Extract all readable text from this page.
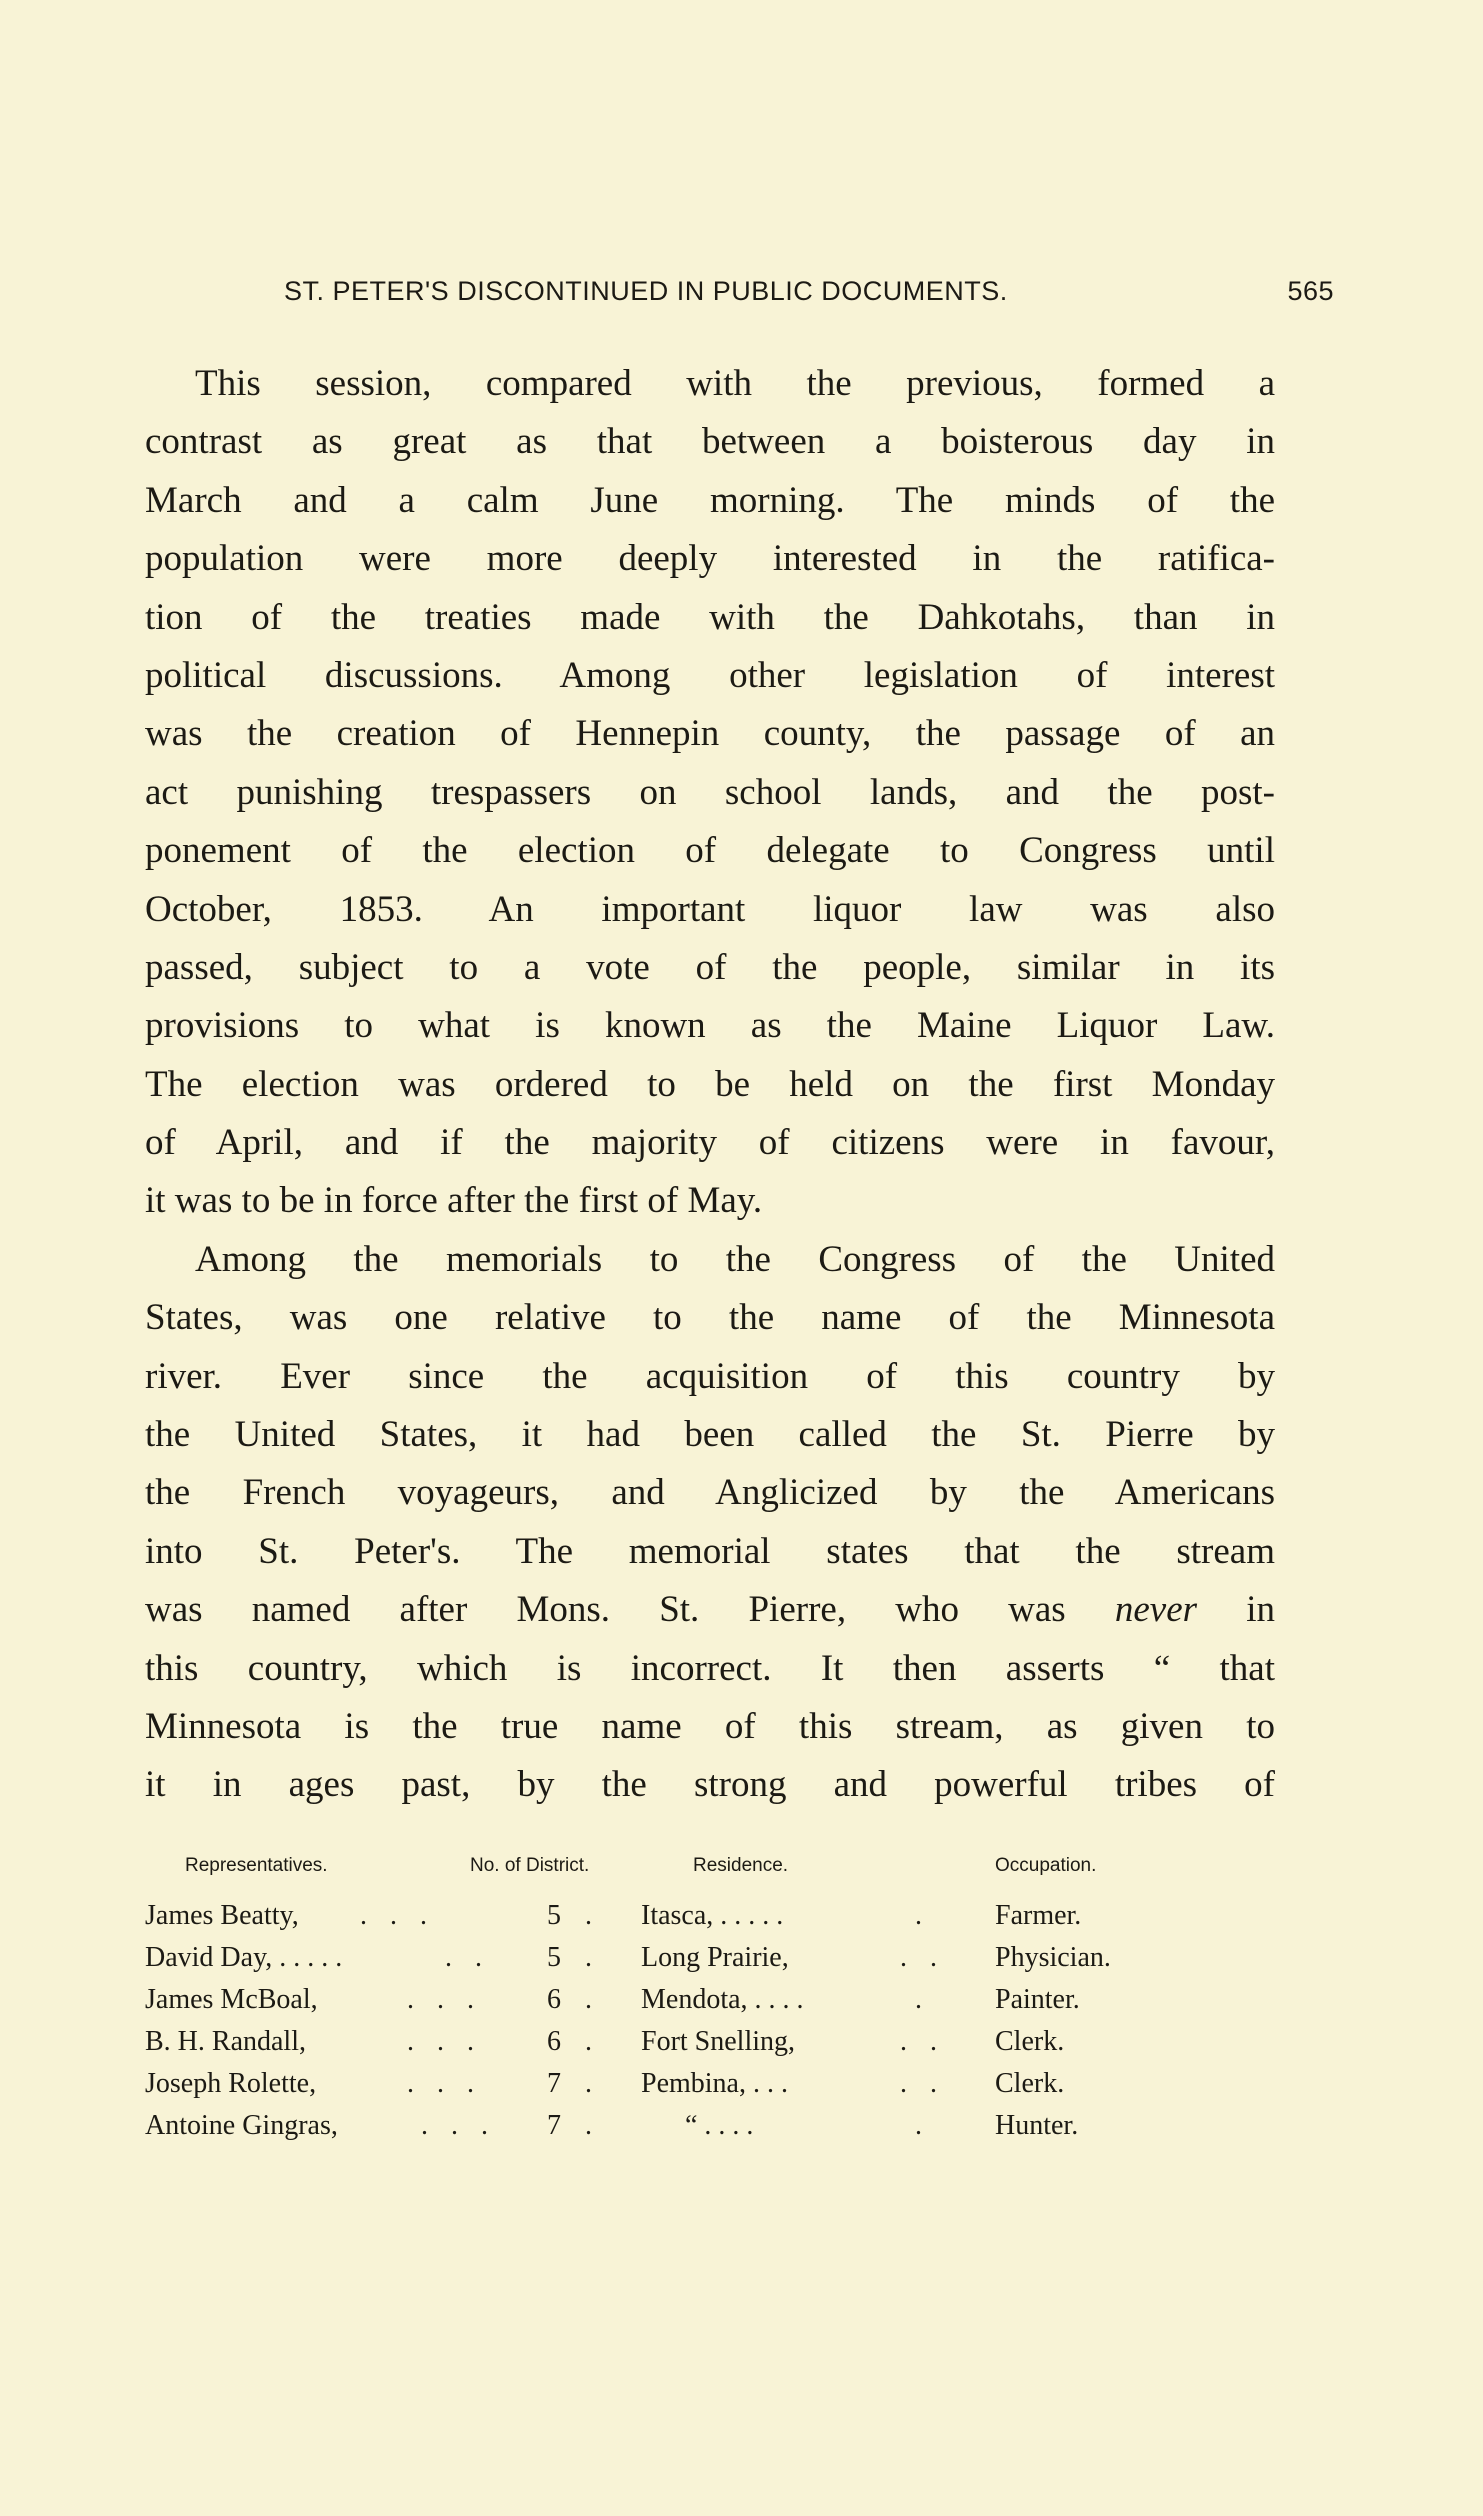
ST. PETER'S DISCONTINUED IN PUBLIC DOCUMENTS.	565
This session, compared with the previous, formed a
contrast as great as that between a boisterous day in
March and a calm June morning. The minds of the
population were more deeply interested in the ratifica-
tion of the treaties made with the Dahkotahs, than in
political discussions. Among other legislation of interest
was the creation of Hennepin county, the passage of an
act punishing trespassers on school lands, and the post-
ponement of the election of delegate to Congress until
October, 1853. An important liquor law was also
passed, subject to a vote of the people, similar in its
provisions to what is known as the Maine Liquor Law.
The election was ordered to be held on the first Monday
of April, and if the majority of citizens were in favour,
it was to be in force after the first of May.
Among the memorials to the Congress of the United
States, was one relative to the name of the Minnesota
river. Ever since the acquisition of this country by
the United States, it had been called the St. Pierre by
the French voyageurs, and Anglicized by the Americans
into St. Peter's. The memorial states that the stream
was named after Mons. St. Pierre, who was never in
this country, which is incorrect. It then asserts “ that
Minnesota is the true name of this stream, as given to
it in ages past, by the strong and powerful tribes of
Representatives.	No. of District.	Residence.	Occupation.
James Beatty, . . .	5 . Itasca, . . . . .	. Farmer.
David Day, . . . . .	. . 5 . Long Prairie,	. . Physician.
James McBoal,	. . . 6 . Mendota, . . . .	. Painter.
B. H. Randall,	. . . 6 . Fort Snelling,	. . Clerk.
Joseph Rolette,	. . . 7 . Pembina, . . .	. . Clerk.
Antoine Gingras,	. . . 7 .	“ . . . .	. Hunter.
